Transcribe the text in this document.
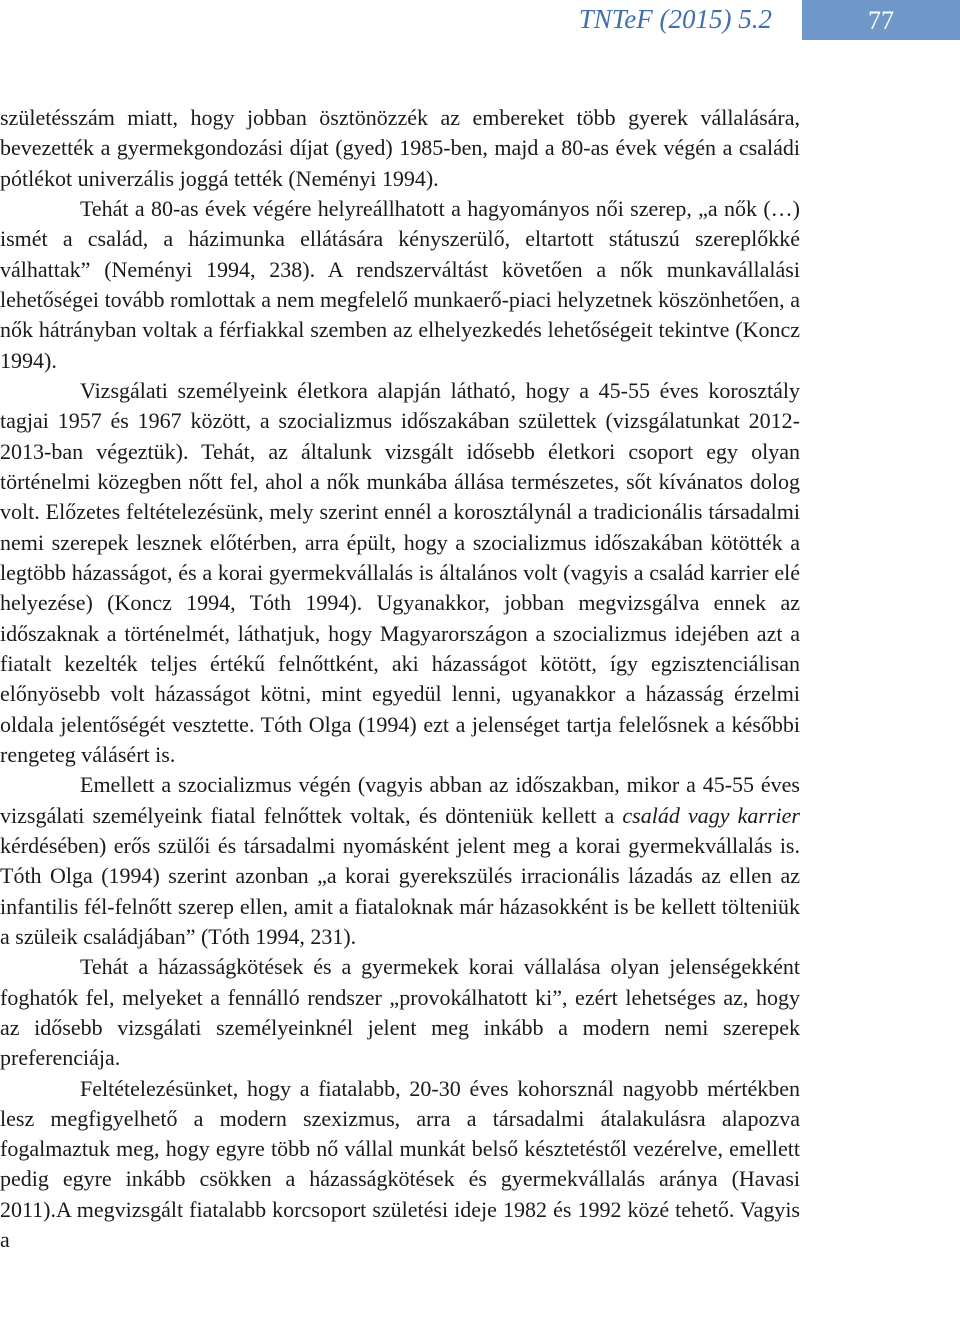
TNTeF (2015) 5.2	77

születésszám miatt, hogy jobban ösztönözzék az embereket több gyerek vállalására, bevezették a gyermekgondozási díjat (gyed) 1985-ben, majd a 80-as évek végén a családi pótlékot univerzális joggá tették (Neményi 1994).

Tehát a 80-as évek végére helyreállhatott a hagyományos női szerep, „a nők (…) ismét a család, a házimunka ellátására kényszerülő, eltartott státuszú szereplőkké válhattak” (Neményi 1994, 238). A rendszerváltást követően a nők munkavállalási lehetőségei tovább romlottak a nem megfelelő munkaerő-piaci helyzetnek köszönhetően, a nők hátrányban voltak a férfiakkal szemben az elhelyezkedés lehetőségeit tekintve (Koncz 1994).

Vizsgálati személyeink életkora alapján látható, hogy a 45-55 éves korosztály tagjai 1957 és 1967 között, a szocializmus időszakában születtek (vizsgálatunkat 2012-2013-ban végeztük). Tehát, az általunk vizsgált idősebb életkori csoport egy olyan történelmi közegben nőtt fel, ahol a nők munkába állása természetes, sőt kívánatos dolog volt. Előzetes feltételezésünk, mely szerint ennél a korosztálynál a tradicionális társadalmi nemi szerepek lesznek előtérben, arra épült, hogy a szocializmus időszakában kötötték a legtöbb házasságot, és a korai gyermekvállalás is általános volt (vagyis a család karrier elé helyezése) (Koncz 1994, Tóth 1994). Ugyanakkor, jobban megvizsgálva ennek az időszaknak a történelmét, láthatjuk, hogy Magyarországon a szocializmus idejében azt a fiatalt kezelték teljes értékű felnőttként, aki házasságot kötött, így egzisztenciálisan előnyösebb volt házasságot kötni, mint egyedül lenni, ugyanakkor a házasság érzelmi oldala jelentőségét vesztette. Tóth Olga (1994) ezt a jelenséget tartja felelősnek a későbbi rengeteg válásért is.

Emellett a szocializmus végén (vagyis abban az időszakban, mikor a 45-55 éves vizsgálati személyeink fiatal felnőttek voltak, és dönteniük kellett a család vagy karrier kérdésében) erős szülői és társadalmi nyomásként jelent meg a korai gyermekvállalás is. Tóth Olga (1994) szerint azonban „a korai gyerekszülés irracionális lázadás az ellen az infantilis fél-felnőtt szerep ellen, amit a fiataloknak már házasokként is be kellett tölteniük a szüleik családjában” (Tóth 1994, 231).

Tehát a házasságkötések és a gyermekek korai vállalása olyan jelenségekként foghatók fel, melyeket a fennálló rendszer „provokálhatott ki”, ezért lehetséges az, hogy az idősebb vizsgálati személyeinknél jelent meg inkább a modern nemi szerepek preferenciája.

Feltételezésünket, hogy a fiatalabb, 20-30 éves kohorsznál nagyobb mértékben lesz megfigyelhető a modern szexizmus, arra a társadalmi átalakulásra alapozva fogalmaztuk meg, hogy egyre több nő vállal munkát belső késztetéstől vezérelve, emellett pedig egyre inkább csökken a házasságkötések és gyermekvállalás aránya (Havasi 2011).A megvizsgált fiatalabb korcsoport születési ideje 1982 és 1992 közé tehető. Vagyis a
